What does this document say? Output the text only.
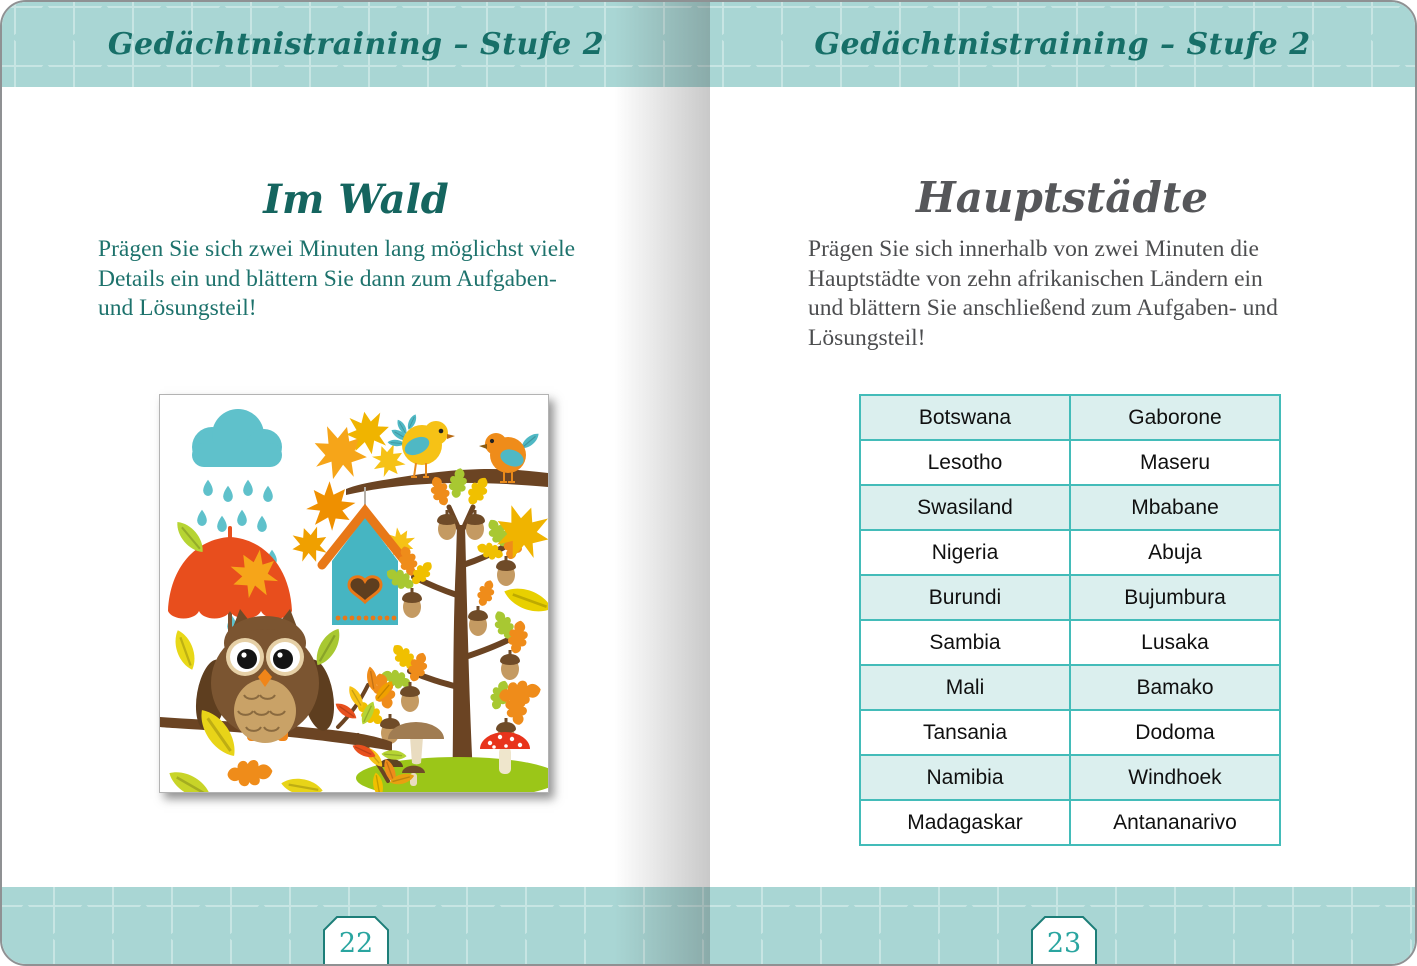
Gedächtnistraining – Stufe 2	Gedächtnistraining – Stufe 2
Im Wald
Prägen Sie sich zwei Minuten lang möglichst viele
Details ein und blättern Sie dann zum Aufgaben-
und Lösungsteil!
Hauptstädte
Prägen Sie sich innerhalb von zwei Minuten die
Hauptstädte von zehn afrikanischen Ländern ein
und blättern Sie anschließend zum Aufgaben- und
Lösungsteil!
Botswana	Gaborone
Lesotho	Maseru
Swasiland	Mbabane
Nigeria	Abuja
Burundi	Bujumbura
Sambia	Lusaka
Mali	Bamako
Tansania	Dodoma
Namibia	Windhoek
Madagaskar	Antananarivo
22	23
